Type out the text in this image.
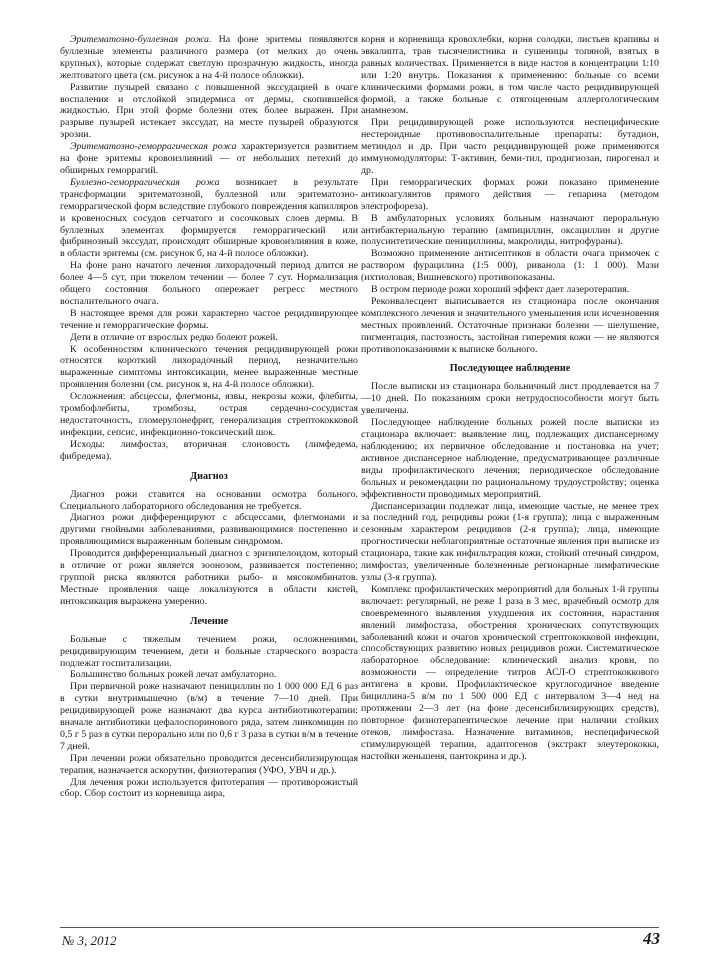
Эритематозно-буллезная рожа. На фоне эритемы появляются буллезные элементы различного размера (от мелких до очень крупных), которые содержат светлую прозрачную жидкость, иногда желтоватого цвета (см. рисунок а на 4-й полосе обложки).

Развитие пузырей связано с повышенной экссудацией в очаге воспаления и отслойкой эпидермиса от дермы, скопившейся жидкостью. При этой форме болезни отек более выражен. При разрыве пузырей истекает экссудат, на месте пузырей образуются эрозии.

Эритематозно-геморрагическая рожа характеризуется развитием на фоне эритемы кровоизлияний — от небольших петехий до обширных геморрагий.

Буллезно-геморрагическая рожа возникает в результате трансформации эритематозной, буллезной или эритематозно-геморрагической форм вследствие глубокого повреждения капилляров и кровеносных сосудов сетчатого и сосочковых слоев дермы. В буллезных элементах формируется геморрагический или фибринозный экссудат, происходят обширные кровоизлияния в коже, в области эритемы (см. рисунок б, на 4-й полосе обложки).

На фоне рано начатого лечения лихорадочный период длится не более 4—5 сут, при тяжелом течении — более 7 сут. Нормализация общего состояния больного опережает регресс местного воспалительного очага.

В настоящее время для рожи характерно частое рецидивирующее течение и геморрагические формы.

Дети в отличие от взрослых редко болеют рожей.

К особенностям клинического течения рецидивирующей рожи относятся короткий лихорадочный период, незначительно выраженные симптомы интоксикации, менее выраженные местные проявления болезни (см. рисунок в, на 4-й полосе обложки).

Осложнения: абсцессы, флегмоны, язвы, некрозы кожи, флебиты, тромбофлебиты, тромбозы, острая сердечно-сосудистая недостаточность, гломерулонефрит, генерализация стрептококковой инфекции, сепсис, инфекционно-токсический шок.

Исходы: лимфостаз, вторичная слоновость (лимфедема, фибредема).

Диагноз

Диагноз рожи ставится на основании осмотра больного. Специального лабораторного обследования не требуется.

Диагноз рожи дифференцируют с абсцессами, флегмонами и другими гнойными заболеваниями, развивающимися постепенно и проявляющимися выраженным болевым синдромом.

Проводится дифференциальный диагноз с эризипелоидом, который в отличие от рожи является зоонозом, развивается постепенно; группой риска являются работники рыбо- и мясокомбинатов. Местные проявления чаще локализуются в области кистей, интоксикация выражена умеренно.

Лечение

Больные с тяжелым течением рожи, осложнениями, рецидивирующим течением, дети и больные старческого возраста подлежат госпитализации.

Большинство больных рожей лечат амбулаторно.

При первичной роже назначают пенициллин по 1 000 000 ЕД 6 раз в сутки внутримышечно (в/м) в течение 7—10 дней. При рецидивирующей роже назначают два курса антибиотикотерапии: вначале антибиотики цефалоспоринового ряда, затем линкомицин по 0,5 г 5 раз в сутки перорально или по 0,6 г 3 раза в сутки в/м в течение 7 дней.

При лечении рожи обязательно проводится десенсибилизирующая терапия, назначается аскорутин, физиотерапия (УФО, УВЧ и др.).

Для лечения рожи используется фитотерапия — противорожистый сбор. Сбор состоит из корневища аира,

корня и корневища кровохлебки, корня солодки, листьев крапивы и эвкалипта, трав тысячелистника и сушеницы топяной, взятых в равных количествах. Применяется в виде настоя в концентрации 1:10 или 1:20 внутрь. Показания к применению: больные со всеми клиническими формами рожи, в том числе часто рецидивирующей формой, а также больные с отягощенным аллергологическим анамнезом.

При рецидивирующей роже используются неспецифические нестероидные противовоспалительные препараты: бутадион, метиндол и др. При часто рецидивирующей роже применяются иммуномодуляторы: Т-активин, беми-тил, продигиозан, пирогенал и др.

При геморрагических формах рожи показано применение антикоагулянтов прямого действия — гепарина (методом электрофореза).

В амбулаторных условиях больным назначают пероральную антибактериальную терапию (ампициллин, оксациллин и другие полусинтетические пенициллины, макролиды, нитрофураны).

Возможно применение антисептиков в области очага примочек с раствором фурацилина (1:5 000), риванола (1: 1 000). Мази (ихтиоловая, Вишневского) противопоказаны.

В остром периоде рожи хороший эффект дает лазеротерапия.

Реконвалесцент выписывается из стационара после окончания комплексного лечения и значительного уменьшения или исчезновения местных проявлений. Остаточные признаки болезни — шелушение, пигментация, пастозность, застойная гиперемия кожи — не являются противопоказаниями к выписке больного.

Последующее наблюдение

После выписки из стационара больничный лист продлевается на 7—10 дней. По показаниям сроки нетрудоспособности могут быть увеличены.

Последующее наблюдение больных рожей после выписки из стационара включает: выявление лиц, подлежащих диспансерному наблюдению; их первичное обследование и постановка на учет; активное диспансерное наблюдение, предусматривающее различные виды профилактического лечения; периодическое обследование больных и рекомендации по рациональному трудоустройству; оценка эффективности проводимых мероприятий.

Диспансеризации подлежат лица, имеющие частые, не менее трех за последний год, рецидивы рожи (1-я группа); лица с выраженным сезонным характером рецидивов (2-я группа); лица, имеющие прогностически неблагоприятные остаточные явления при выписке из стационара, такие как инфильтрация кожи, стойкий отечный синдром, лимфостаз, увеличенные болезненные регионарные лимфатические узлы (3-я группа).

Комплекс профилактических мероприятий для больных 1-й группы включает: регулярный, не реже 1 раза в 3 мес, врачебный осмотр для своевременного выявления ухудшения их состояния, нарастания явлений лимфостаза, обострения хронических сопутствующих заболеваний кожи и очагов хронической стрептококковой инфекции, способствующих развитию новых рецидивов рожи. Систематическое лабораторное обследование: клинический анализ крови, по возможности — определение титров АСЛ-О стрептококкового антигена в крови. Профилактическое круглогодичное введение бициллина-5 в/м по 1 500 000 ЕД с интервалом 3—4 нед на протяжении 2—3 лет (на фоне десенсибилизирующих средств), повторное физиотерапевтическое лечение при наличии стойких отеков, лимфостаза. Назначение витаминов, неспецифической стимулирующей терапии, адаптогенов (экстракт элеутерококка, настойки женьшеня, пантокрина и др.).

№ 3, 2012	43
